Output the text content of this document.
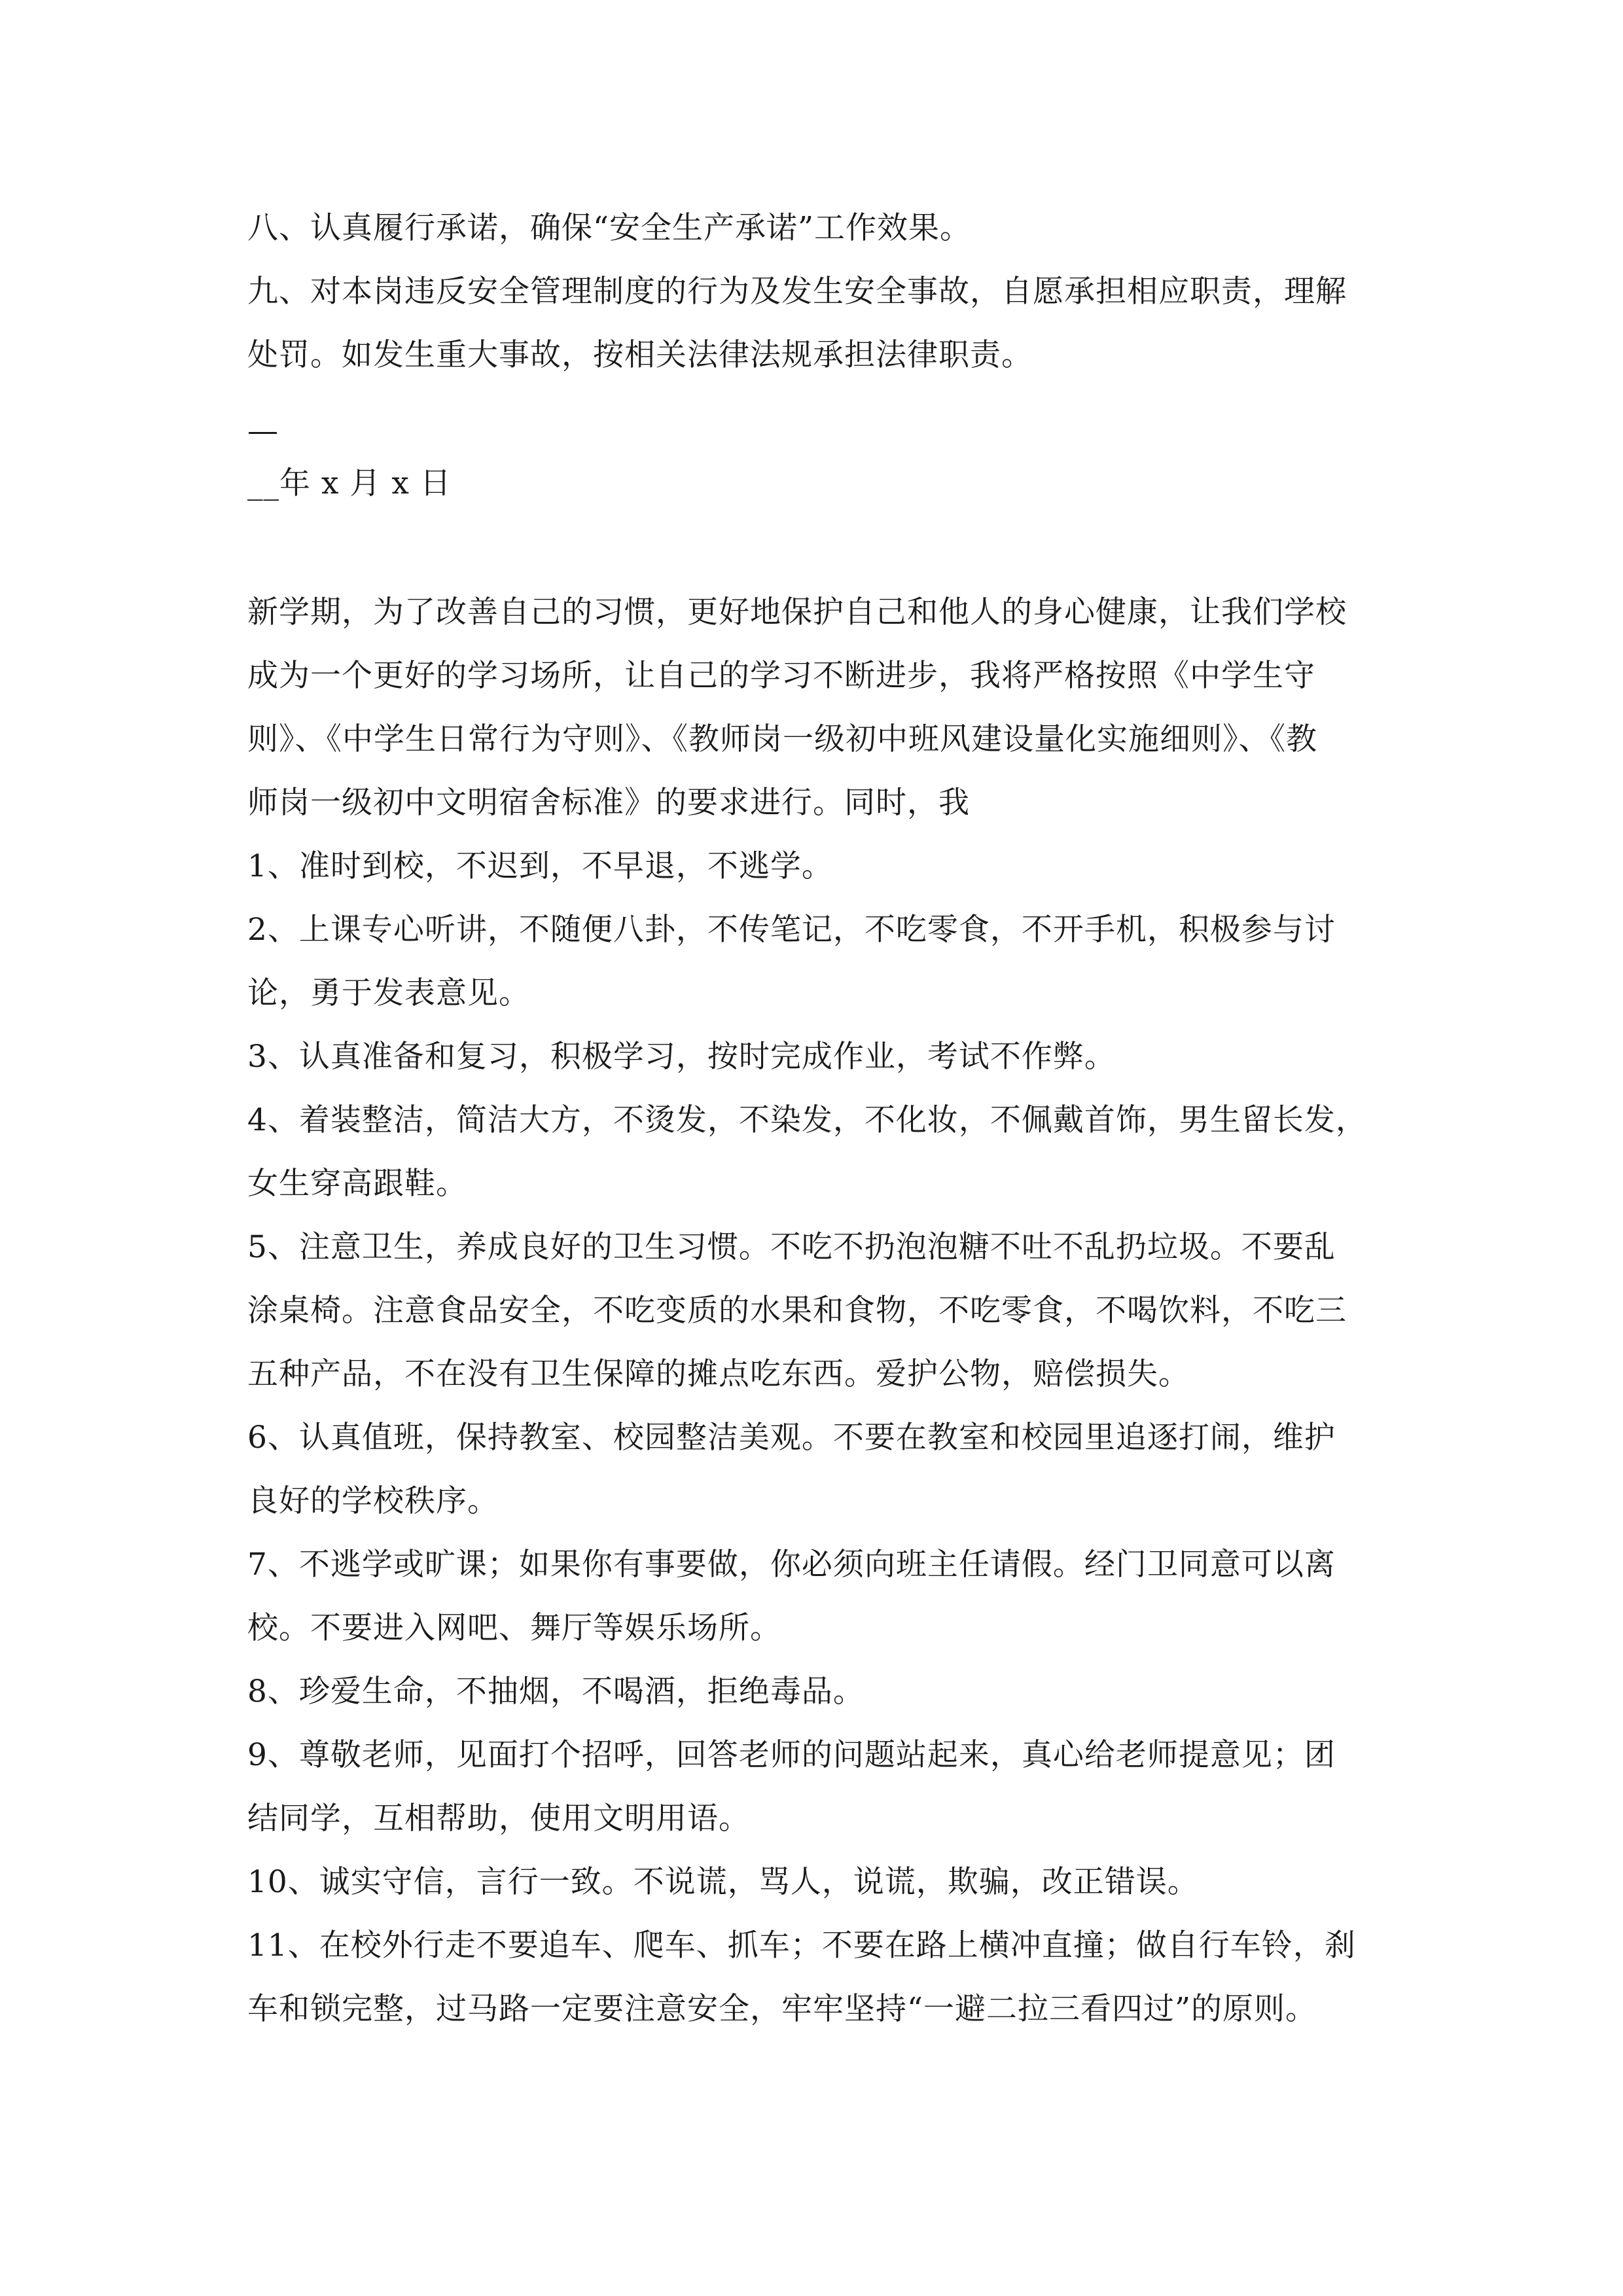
八、认真履行承诺，确保“安全生产承诺”工作效果。

九、对本岗违反安全管理制度的行为及发生安全事故，自愿承担相应职责，理解

处罚。如发生重大事故，按相关法律法规承担法律职责。

—

__年 x 月 x 日

新学期，为了改善自己的习惯，更好地保护自己和他人的身心健康，让我们学校

成为一个更好的学习场所，让自己的学习不断进步，我将严格按照《中学生守

则》、《中学生日常行为守则》、《教师岗一级初中班风建设量化实施细则》、《教

师岗一级初中文明宿舍标准》的要求进行。同时，我

1、准时到校，不迟到，不早退，不逃学。

2、上课专心听讲，不随便八卦，不传笔记，不吃零食，不开手机，积极参与讨

论，勇于发表意见。

3、认真准备和复习，积极学习，按时完成作业，考试不作弊。

4、着装整洁，简洁大方，不烫发，不染发，不化妆，不佩戴首饰，男生留长发，

女生穿高跟鞋。

5、注意卫生，养成良好的卫生习惯。不吃不扔泡泡糖不吐不乱扔垃圾。不要乱

涂桌椅。注意食品安全，不吃变质的水果和食物，不吃零食，不喝饮料，不吃三

五种产品，不在没有卫生保障的摊点吃东西。爱护公物，赔偿损失。

6、认真值班，保持教室、校园整洁美观。不要在教室和校园里追逐打闹，维护

良好的学校秩序。

7、不逃学或旷课；如果你有事要做，你必须向班主任请假。经门卫同意可以离

校。不要进入网吧、舞厅等娱乐场所。

8、珍爱生命，不抽烟，不喝酒，拒绝毒品。

9、尊敬老师，见面打个招呼，回答老师的问题站起来，真心给老师提意见；团

结同学，互相帮助，使用文明用语。

10、诚实守信，言行一致。不说谎，骂人，说谎，欺骗，改正错误。

11、在校外行走不要追车、爬车、抓车；不要在路上横冲直撞；做自行车铃，刹

车和锁完整，过马路一定要注意安全，牢牢坚持“一避二拉三看四过”的原则。
